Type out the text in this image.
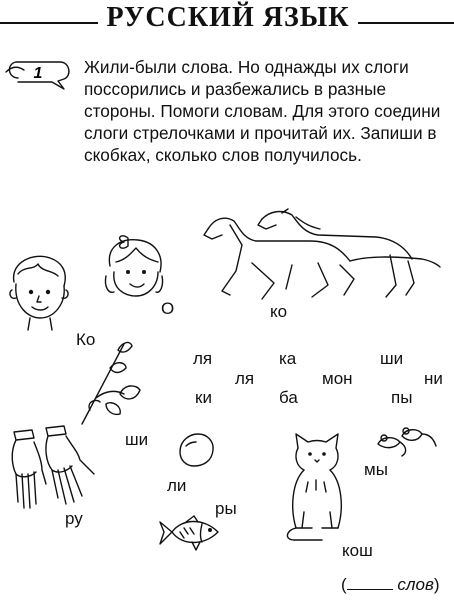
РУССКИЙ ЯЗЫК
1 Жили-были слова. Но однажды их слоги поссорились и разбежались в разные стороны. Помоги словам. Для этого соедини слоги стрелочками и прочитай их. Запиши в скобках, сколько слов получилось.
О	ко
Ко
ля	ка	ши
ля	мон	ни
ки	ба	пы
ши
мы
ли
ры
ру
кош
(	слов)
